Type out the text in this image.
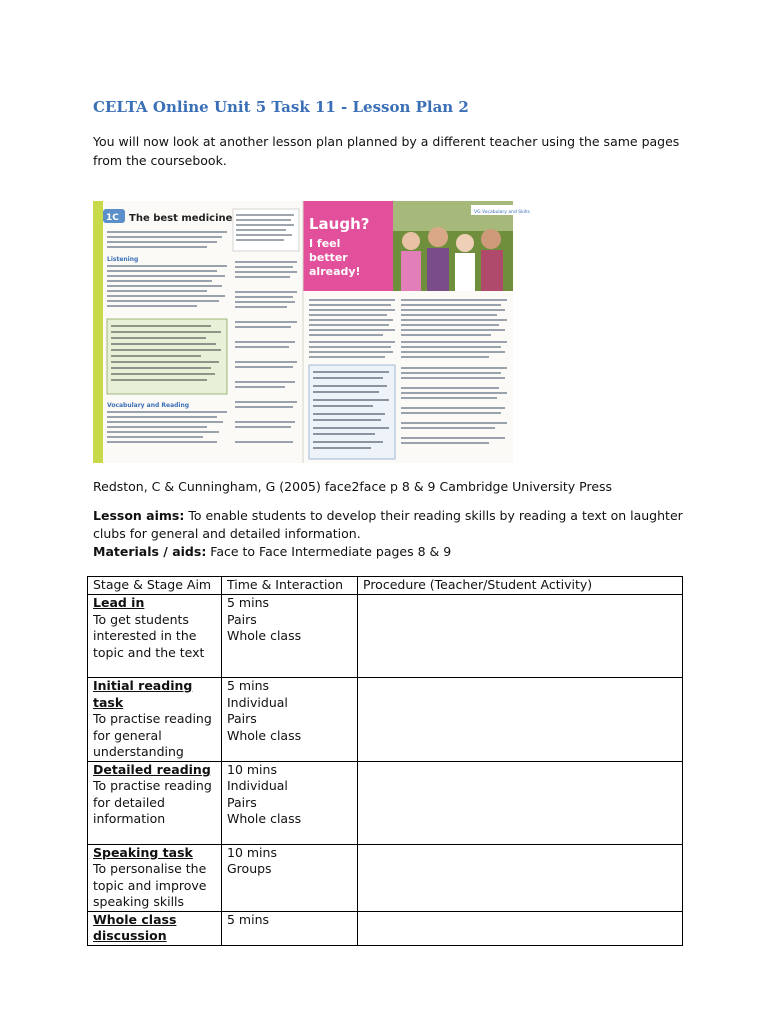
CELTA Online Unit 5 Task 11 - Lesson Plan 2

You will now look at another lesson plan planned by a different teacher using the same pages from the coursebook.

1C The best medicine
Listening
Vocabulary and Reading
Laugh?
I feel
better
already!
VG Vocabulary and Skills

Redston, C & Cunningham, G (2005) face2face p 8 & 9 Cambridge University Press

Lesson aims: To enable students to develop their reading skills by reading a text on laughter clubs for general and detailed information.
Materials / aids: Face to Face Intermediate pages 8 & 9

Stage & Stage Aim	Time & Interaction	Procedure (Teacher/Student Activity)

Lead in
To get students
interested in the
topic and the text	5 mins
Pairs
Whole class	

Initial reading task
To practise reading
for general
understanding	5 mins
Individual
Pairs
Whole class	

Detailed reading
To practise reading
for detailed
information	10 mins
Individual
Pairs
Whole class	

Speaking task
To personalise the
topic and improve
speaking skills	10 mins
Groups	

Whole class discussion	5 mins	
